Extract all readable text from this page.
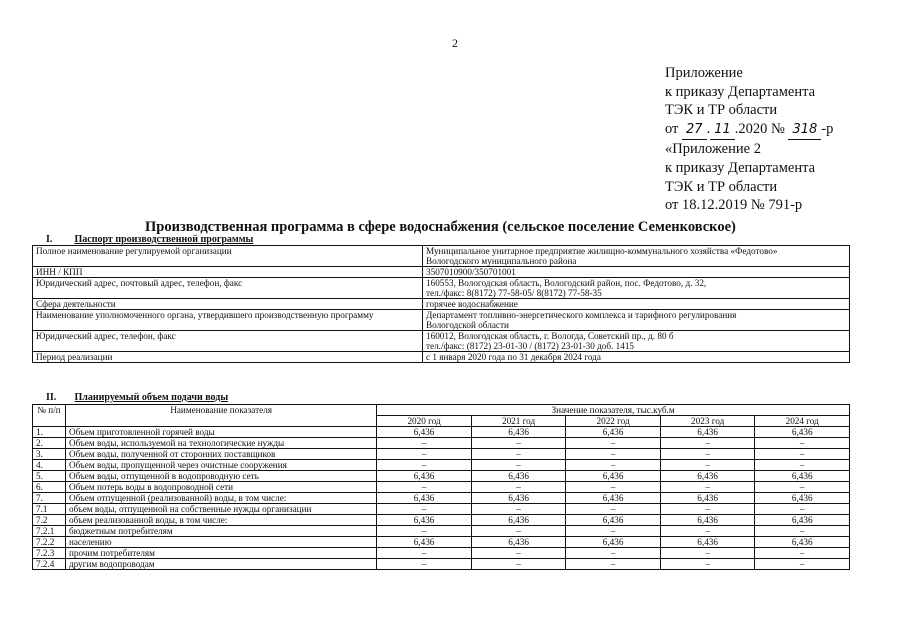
2
Приложение
к приказу Департамента
ТЭК и ТР области
от 27 . 11 .2020 № 318 -р
«Приложение 2
к приказу Департамента
ТЭК и ТР области
от 18.12.2019 № 791-р
Производственная программа в сфере водоснабжения (сельское поселение Семенковское)
I. Паспорт производственной программы
Полное наименование регулируемой организации	Муниципальное унитарное предприятие жилищно-коммунального хозяйства «Федотово»
Вологодского муниципального района

ИНН / КПП	3507010900/350701001

Юридический адрес, почтовый адрес, телефон, факс	160553, Вологодская область, Вологодский район, пос. Федотово, д. 32,
тел./факс: 8(8172) 77-58-05/ 8(8172) 77-58-35

Сфера деятельности	горячее водоснабжение

Наименование уполномоченного органа, утвердившего производственную программу	Департамент топливно-энергетического комплекса и тарифного регулирования
Вологодской области

Юридический адрес, телефон, факс	160012, Вологодская область, г. Вологда, Советский пр., д. 80 б
тел./факс: (8172) 23-01-30 / (8172) 23-01-30 доб. 1415

Период реализации	с 1 января 2020 года по 31 декабря 2024 года
II. Планируемый объем подачи воды
№ п/п	Наименование показателя	Значение показателя, тыс.куб.м				
		2020 год	2021 год	2022 год	2023 год	2024 год
1.	Объем приготовленной горячей воды	6,436	6,436	6,436	6,436	6,436
2.	Объем воды, используемой на технологические нужды	–	–	–	–	–
3.	Объем воды, полученной от сторонних поставщиков	–	–	–	–	–
4.	Объем воды, пропущенной через очистные сооружения	–	–	–	–	–
5.	Объем воды, отпущенной в водопроводную сеть	6,436	6,436	6,436	6,436	6,436
6.	Объем потерь воды в водопроводной сети	–	–	–	–	–
7.	Объем отпущенной (реализованной) воды, в том числе:	6,436	6,436	6,436	6,436	6,436
7.1	объем воды, отпущенной на собственные нужды организации	–	–	–	–	–
7.2	объем реализованной воды, в том числе:	6,436	6,436	6,436	6,436	6,436
7.2.1	бюджетным потребителям	–	–	–	–	–
7.2.2	населению	6,436	6,436	6,436	6,436	6,436
7.2.3	прочим потребителям	–	–	–	–	–
7.2.4	другим водопроводам	–	–	–	–	–
